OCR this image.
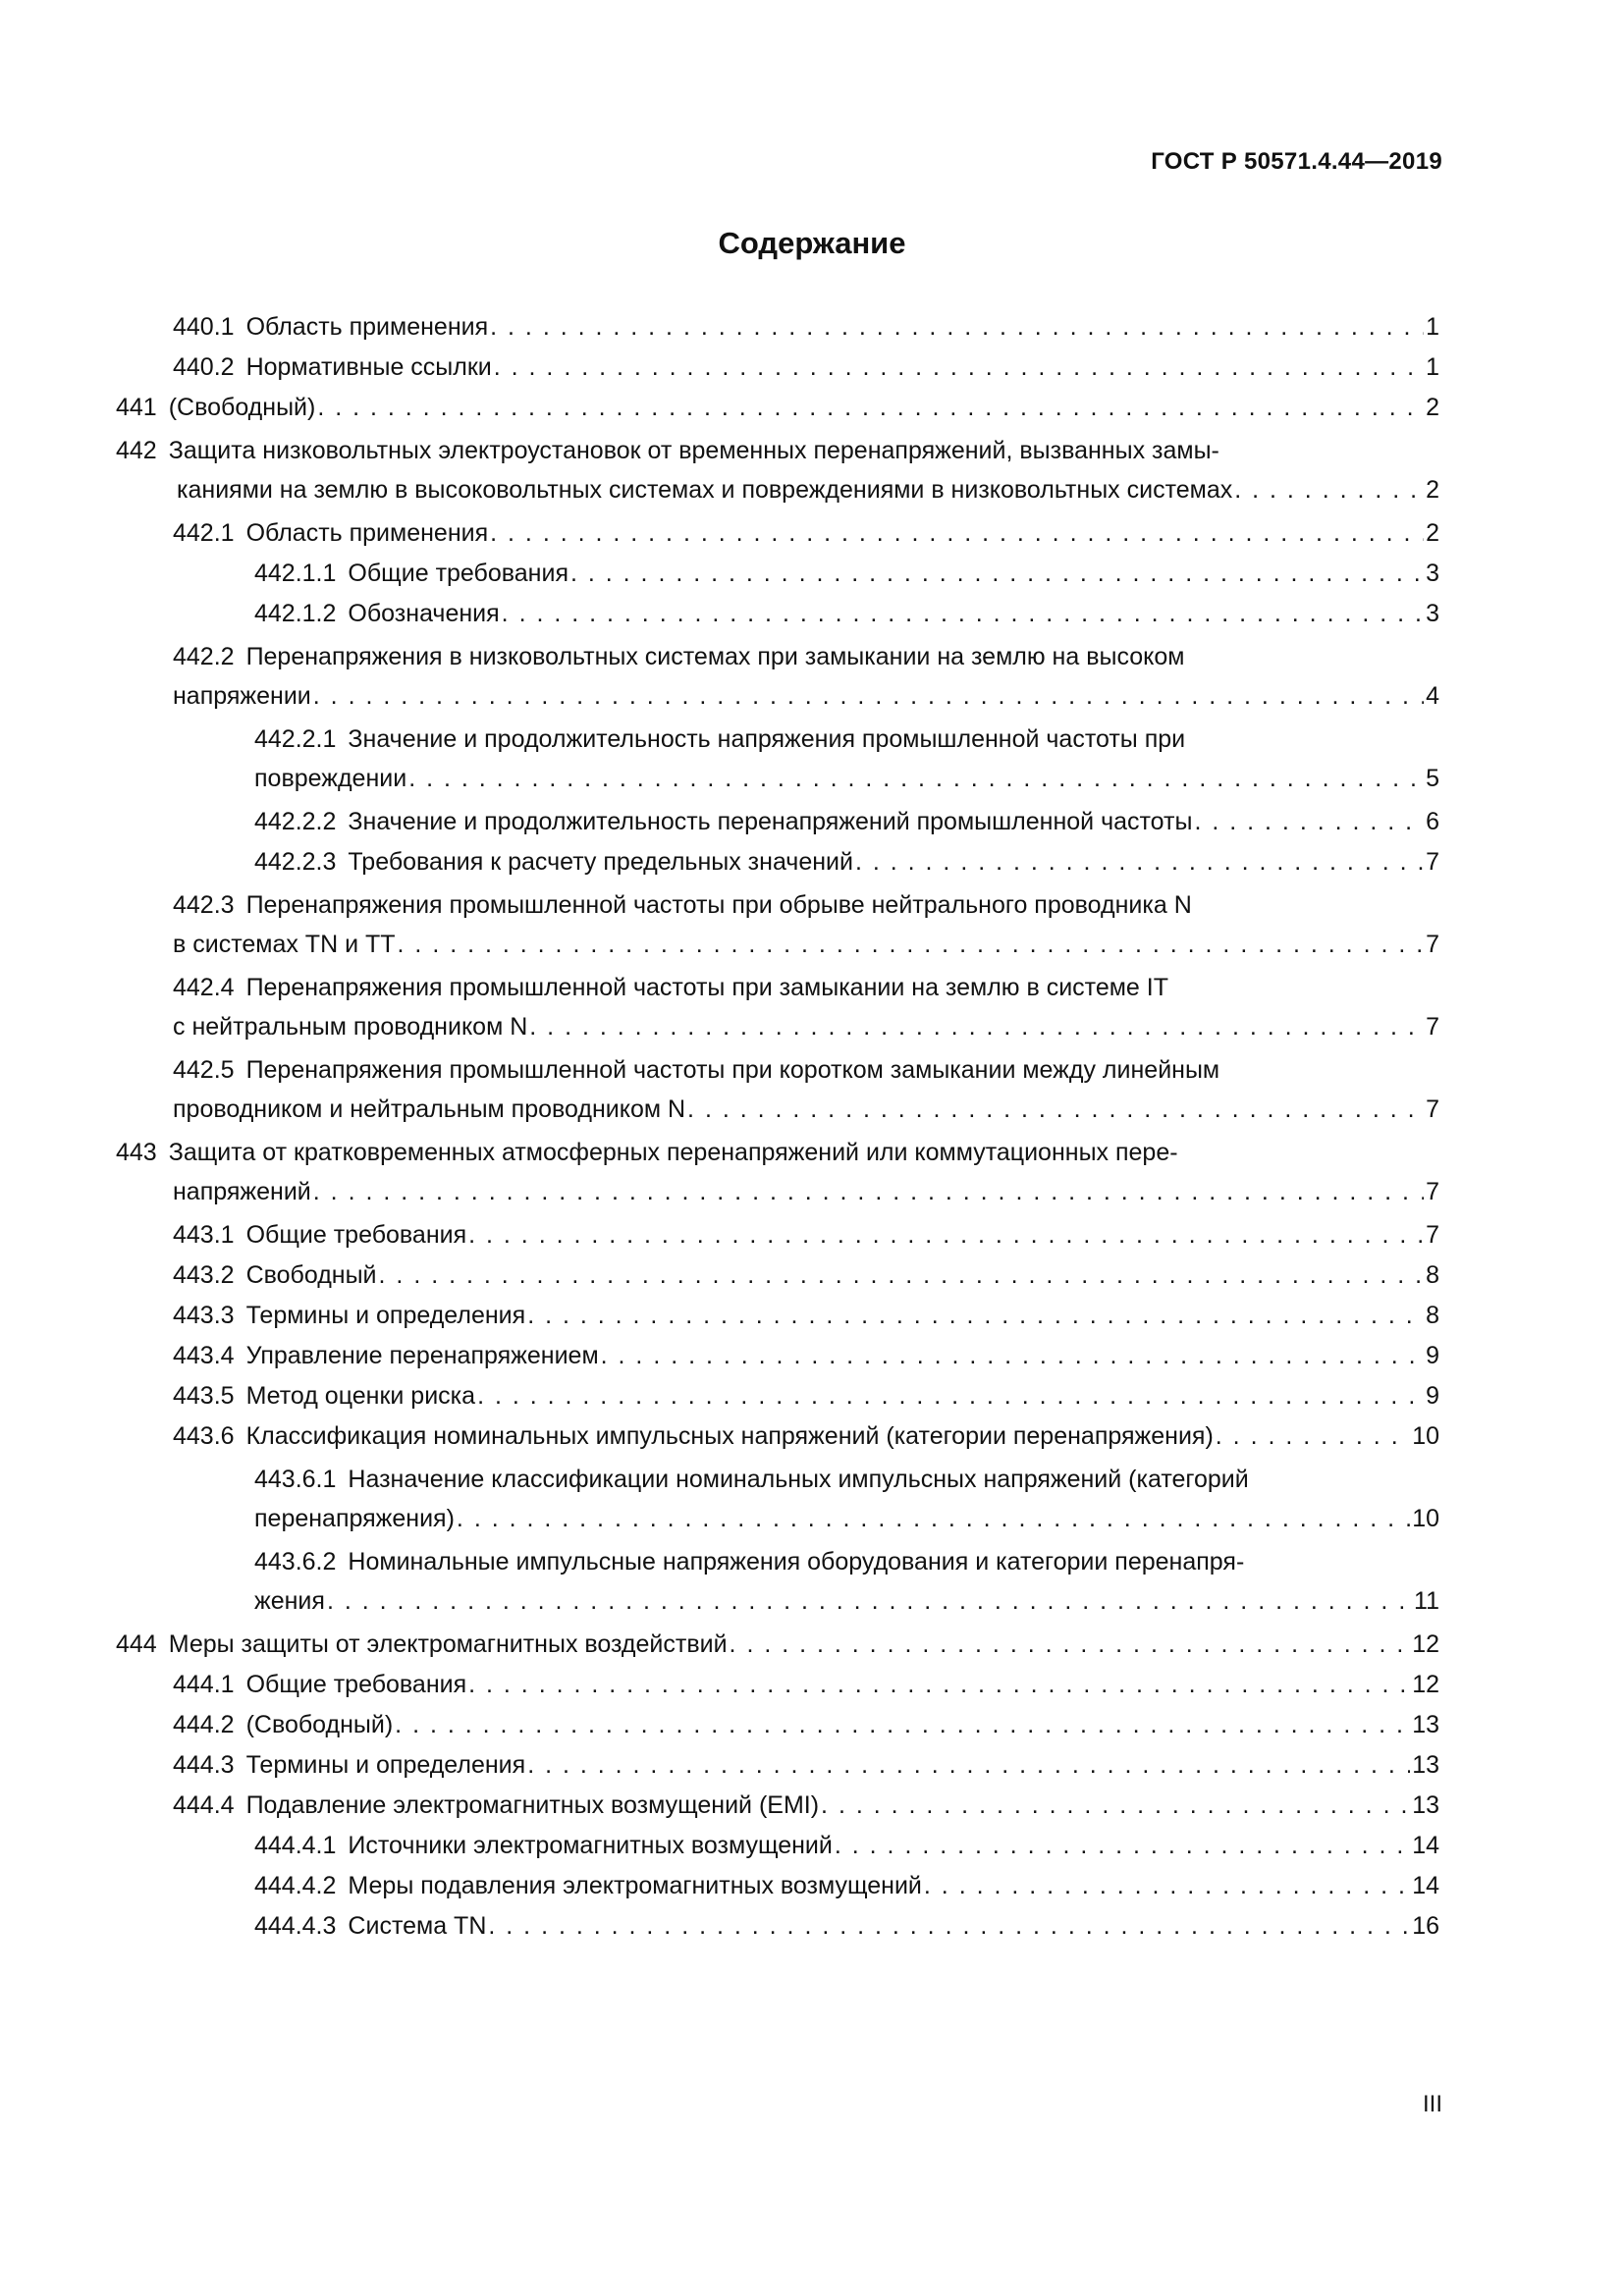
ГОСТ Р 50571.4.44—2019
Содержание
440.1 Область применения . . .	1
440.2 Нормативные ссылки . . .	1
441 (Свободный) . . .	2
442 Защита низковольтных электроустановок от временных перенапряжений, вызванных замы-
каниями на землю в высоковольтных системах и повреждениями в низковольтных системах . . .	2
442.1 Область применения . . .	2
442.1.1 Общие требования . . .	3
442.1.2 Обозначения . . .	3
442.2 Перенапряжения в низковольтных системах при замыкании на землю на высоком
напряжении . . .	4
442.2.1 Значение и продолжительность напряжения промышленной частоты при
повреждении . . .	5
442.2.2 Значение и продолжительность перенапряжений промышленной частоты . . .	6
442.2.3 Требования к расчету предельных значений . . .	7
442.3 Перенапряжения промышленной частоты при обрыве нейтрального проводника N
в системах TN и TT . . .	7
442.4 Перенапряжения промышленной частоты при замыкании на землю в системе IT
с нейтральным проводником N . . .	7
442.5 Перенапряжения промышленной частоты при коротком замыкании между линейным
проводником и нейтральным проводником N . . .	7
443 Защита от кратковременных атмосферных перенапряжений или коммутационных пере-
напряжений . . .	7
443.1 Общие требования . . .	7
443.2 Свободный . . .	8
443.3 Термины и определения . . .	8
443.4 Управление перенапряжением . . .	9
443.5 Метод оценки риска . . .	9
443.6 Классификация номинальных импульсных напряжений (категории перенапряжения) . . .	10
443.6.1 Назначение классификации номинальных импульсных напряжений (категорий
перенапряжения) . . .	10
443.6.2 Номинальные импульсные напряжения оборудования и категории перенапря-
жения . . .	11
444 Меры защиты от электромагнитных воздействий . . .	12
444.1 Общие требования . . .	12
444.2 (Свободный) . . .	13
444.3 Термины и определения . . .	13
444.4 Подавление электромагнитных возмущений (EMI) . . .	13
444.4.1 Источники электромагнитных возмущений . . .	14
444.4.2 Меры подавления электромагнитных возмущений . . .	14
444.4.3 Система TN . . .	16
III
